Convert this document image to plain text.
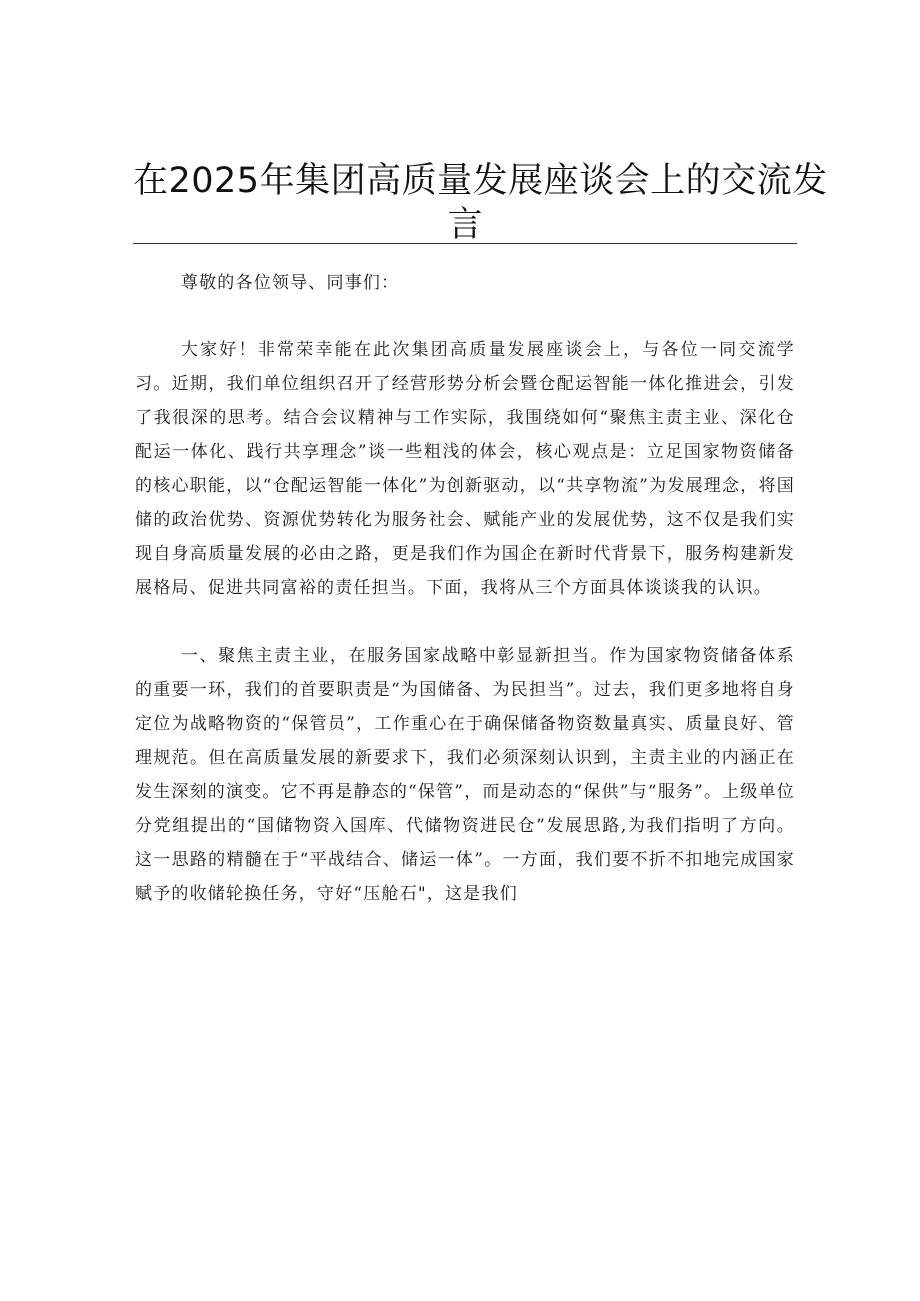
在2025年集团高质量发展座谈会上的交流发
言

尊敬的各位领导、同事们：

大家好！非常荣幸能在此次集团高质量发展座谈会上，与各位一同交流学习。近期，我们单位组织召开了经营形势分析会暨仓配运智能一体化推进会，引发了我很深的思考。结合会议精神与工作实际，我围绕如何“聚焦主责主业、深化仓配运一体化、践行共享理念”谈一些粗浅的体会，核心观点是：立足国家物资储备的核心职能，以“仓配运智能一体化”为创新驱动，以“共享物流”为发展理念，将国储的政治优势、资源优势转化为服务社会、赋能产业的发展优势，这不仅是我们实现自身高质量发展的必由之路，更是我们作为国企在新时代背景下，服务构建新发展格局、促进共同富裕的责任担当。下面，我将从三个方面具体谈谈我的认识。

一、聚焦主责主业，在服务国家战略中彰显新担当。作为国家物资储备体系的重要一环，我们的首要职责是“为国储备、为民担当”。过去，我们更多地将自身定位为战略物资的“保管员”，工作重心在于确保储备物资数量真实、质量良好、管理规范。但在高质量发展的新要求下，我们必须深刻认识到，主责主业的内涵正在发生深刻的演变。它不再是静态的“保管”，而是动态的“保供”与“服务”。上级单位分党组提出的“国储物资入国库、代储物资进民仓”发展思路,为我们指明了方向。这一思路的精髓在于“平战结合、储运一体”。一方面，我们要不折不扣地完成国家赋予的收储轮换任务，守好“压舱石"，这是我们
